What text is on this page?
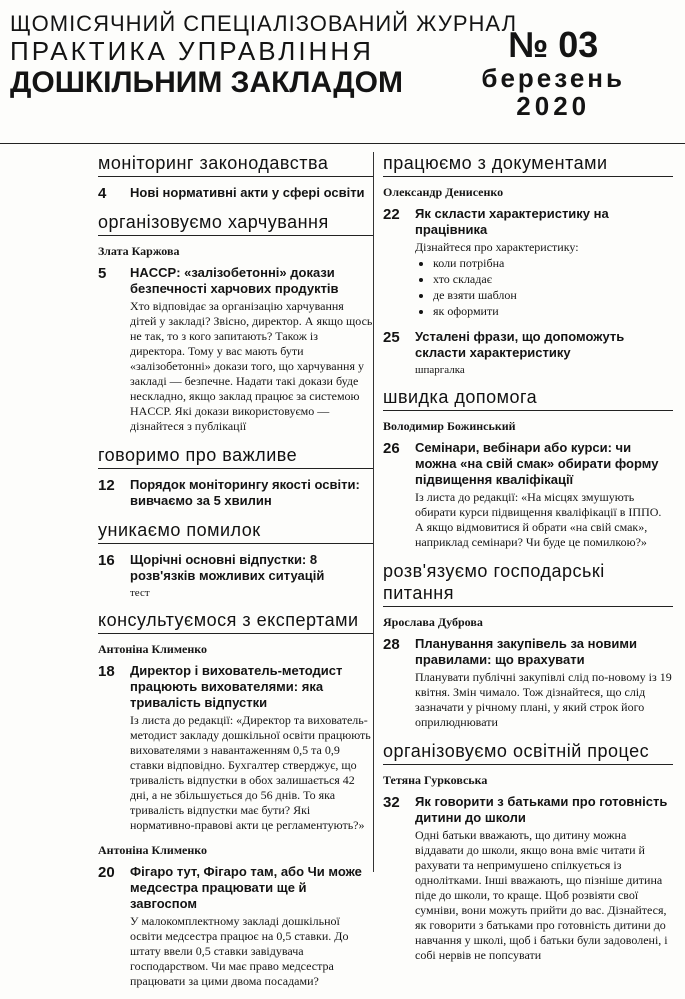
ЩОМІСЯЧНИЙ СПЕЦІАЛІЗОВАНИЙ ЖУРНАЛ
ПРАКТИКА УПРАВЛІННЯ
ДОШКІЛЬНИМ ЗАКЛАДОМ
№ 03
березень
2020
моніторинг законодавства
4 Нові нормативні акти у сфері освіти
організовуємо харчування
Злата Каржова
5 HACCP: «залізобетонні» докази безпечності харчових продуктів
Хто відповідає за організацію харчування дітей у закладі? Звісно, директор. А якщо щось не так, то з кого запитають? Також із директора. Тому у вас мають бути «залізобетонні» докази того, що харчування у закладі — безпечне. Надати такі докази буде нескладно, якщо заклад працює за системою HACCP. Які докази використовуємо — дізнайтеся з публікації
говоримо про важливе
12 Порядок моніторингу якості освіти: вивчаємо за 5 хвилин
уникаємо помилок
16 Щорічні основні відпустки: 8 розв'язків можливих ситуацій
тест
консультуємося з експертами
Антоніна Клименко
18 Директор і вихователь-методист працюють вихователями: яка тривалість відпустки
Із листа до редакції: «Директор та вихователь-методист закладу дошкільної освіти працюють вихователями з навантаженням 0,5 та 0,9 ставки відповідно. Бухгалтер стверджує, що тривалість відпустки в обох залишається 42 дні, а не збільшується до 56 днів. То яка тривалість відпустки має бути? Які нормативно-правові акти це регламентують?»
Антоніна Клименко
20 Фігаро тут, Фігаро там, або Чи може медсестра працювати ще й завгоспом
У малокомплектному закладі дошкільної освіти медсестра працює на 0,5 ставки. До штату ввели 0,5 ставки завідувача господарством. Чи має право медсестра працювати за цими двома посадами?
працюємо з документами
Олександр Денисенко
22 Як скласти характеристику на працівника
Дізнайтеся про характеристику:
• коли потрібна
• хто складає
• де взяти шаблон
• як оформити
25 Усталені фрази, що допоможуть скласти характеристику
шпаргалка
швидка допомога
Володимир Божинський
26 Семінари, вебінари або курси: чи можна «на свій смак» обирати форму підвищення кваліфікації
Із листа до редакції: «На місцях змушують обирати курси підвищення кваліфікації в ІППО. А якщо відмовитися й обрати «на свій смак», наприклад семінари? Чи буде це помилкою?»
розв'язуємо господарські питання
Ярослава Дуброва
28 Планування закупівель за новими правилами: що врахувати
Планувати публічні закупівлі слід по-новому із 19 квітня. Змін чимало. Тож дізнайтеся, що слід зазначати у річному плані, у який строк його оприлюднювати
організовуємо освітній процес
Тетяна Гурковська
32 Як говорити з батьками про готовність дитини до школи
Одні батьки вважають, що дитину можна віддавати до школи, якщо вона вміє читати й рахувати та непримушено спілкується із однолітками. Інші вважають, що пізніше дитина піде до школи, то краще. Щоб розвіяти свої сумніви, вони можуть прийти до вас. Дізнайтеся, як говорити з батьками про готовність дитини до навчання у школі, щоб і батьки були задоволені, і собі нервів не попсувати
